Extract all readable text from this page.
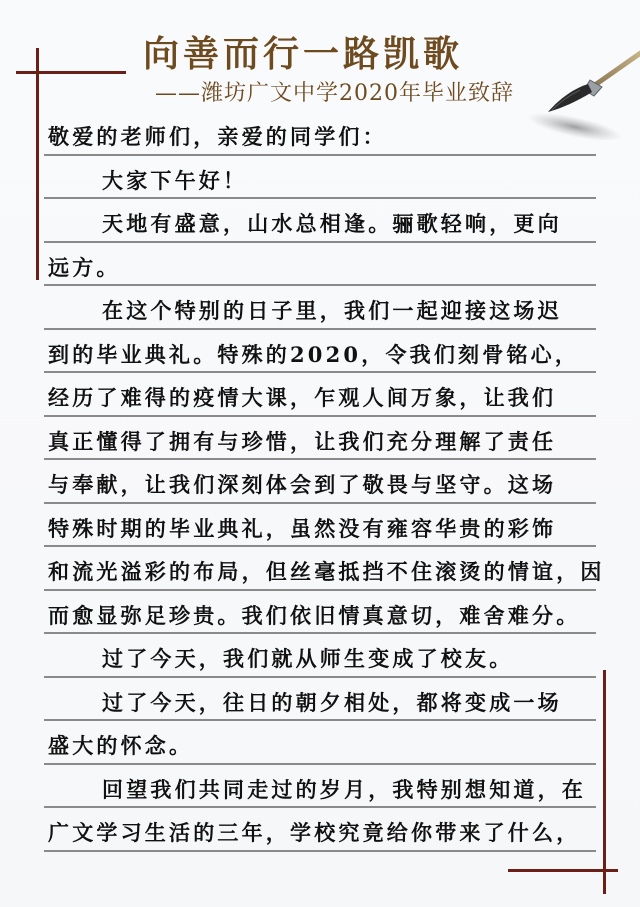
向善而行一路凯歌
——潍坊广文中学2020年毕业致辞
敬爱的老师们，亲爱的同学们：
大家下午好！
天地有盛意，山水总相逢。骊歌轻响，更向
远方。
在这个特别的日子里，我们一起迎接这场迟
到的毕业典礼。特殊的2020，令我们刻骨铭心，
经历了难得的疫情大课，乍观人间万象，让我们
真正懂得了拥有与珍惜，让我们充分理解了责任
与奉献，让我们深刻体会到了敬畏与坚守。这场
特殊时期的毕业典礼，虽然没有雍容华贵的彩饰
和流光溢彩的布局，但丝毫抵挡不住滚烫的情谊，因
而愈显弥足珍贵。我们依旧情真意切，难舍难分。
过了今天，我们就从师生变成了校友。
过了今天，往日的朝夕相处，都将变成一场
盛大的怀念。
回望我们共同走过的岁月，我特别想知道，在
广文学习生活的三年，学校究竟给你带来了什么，
